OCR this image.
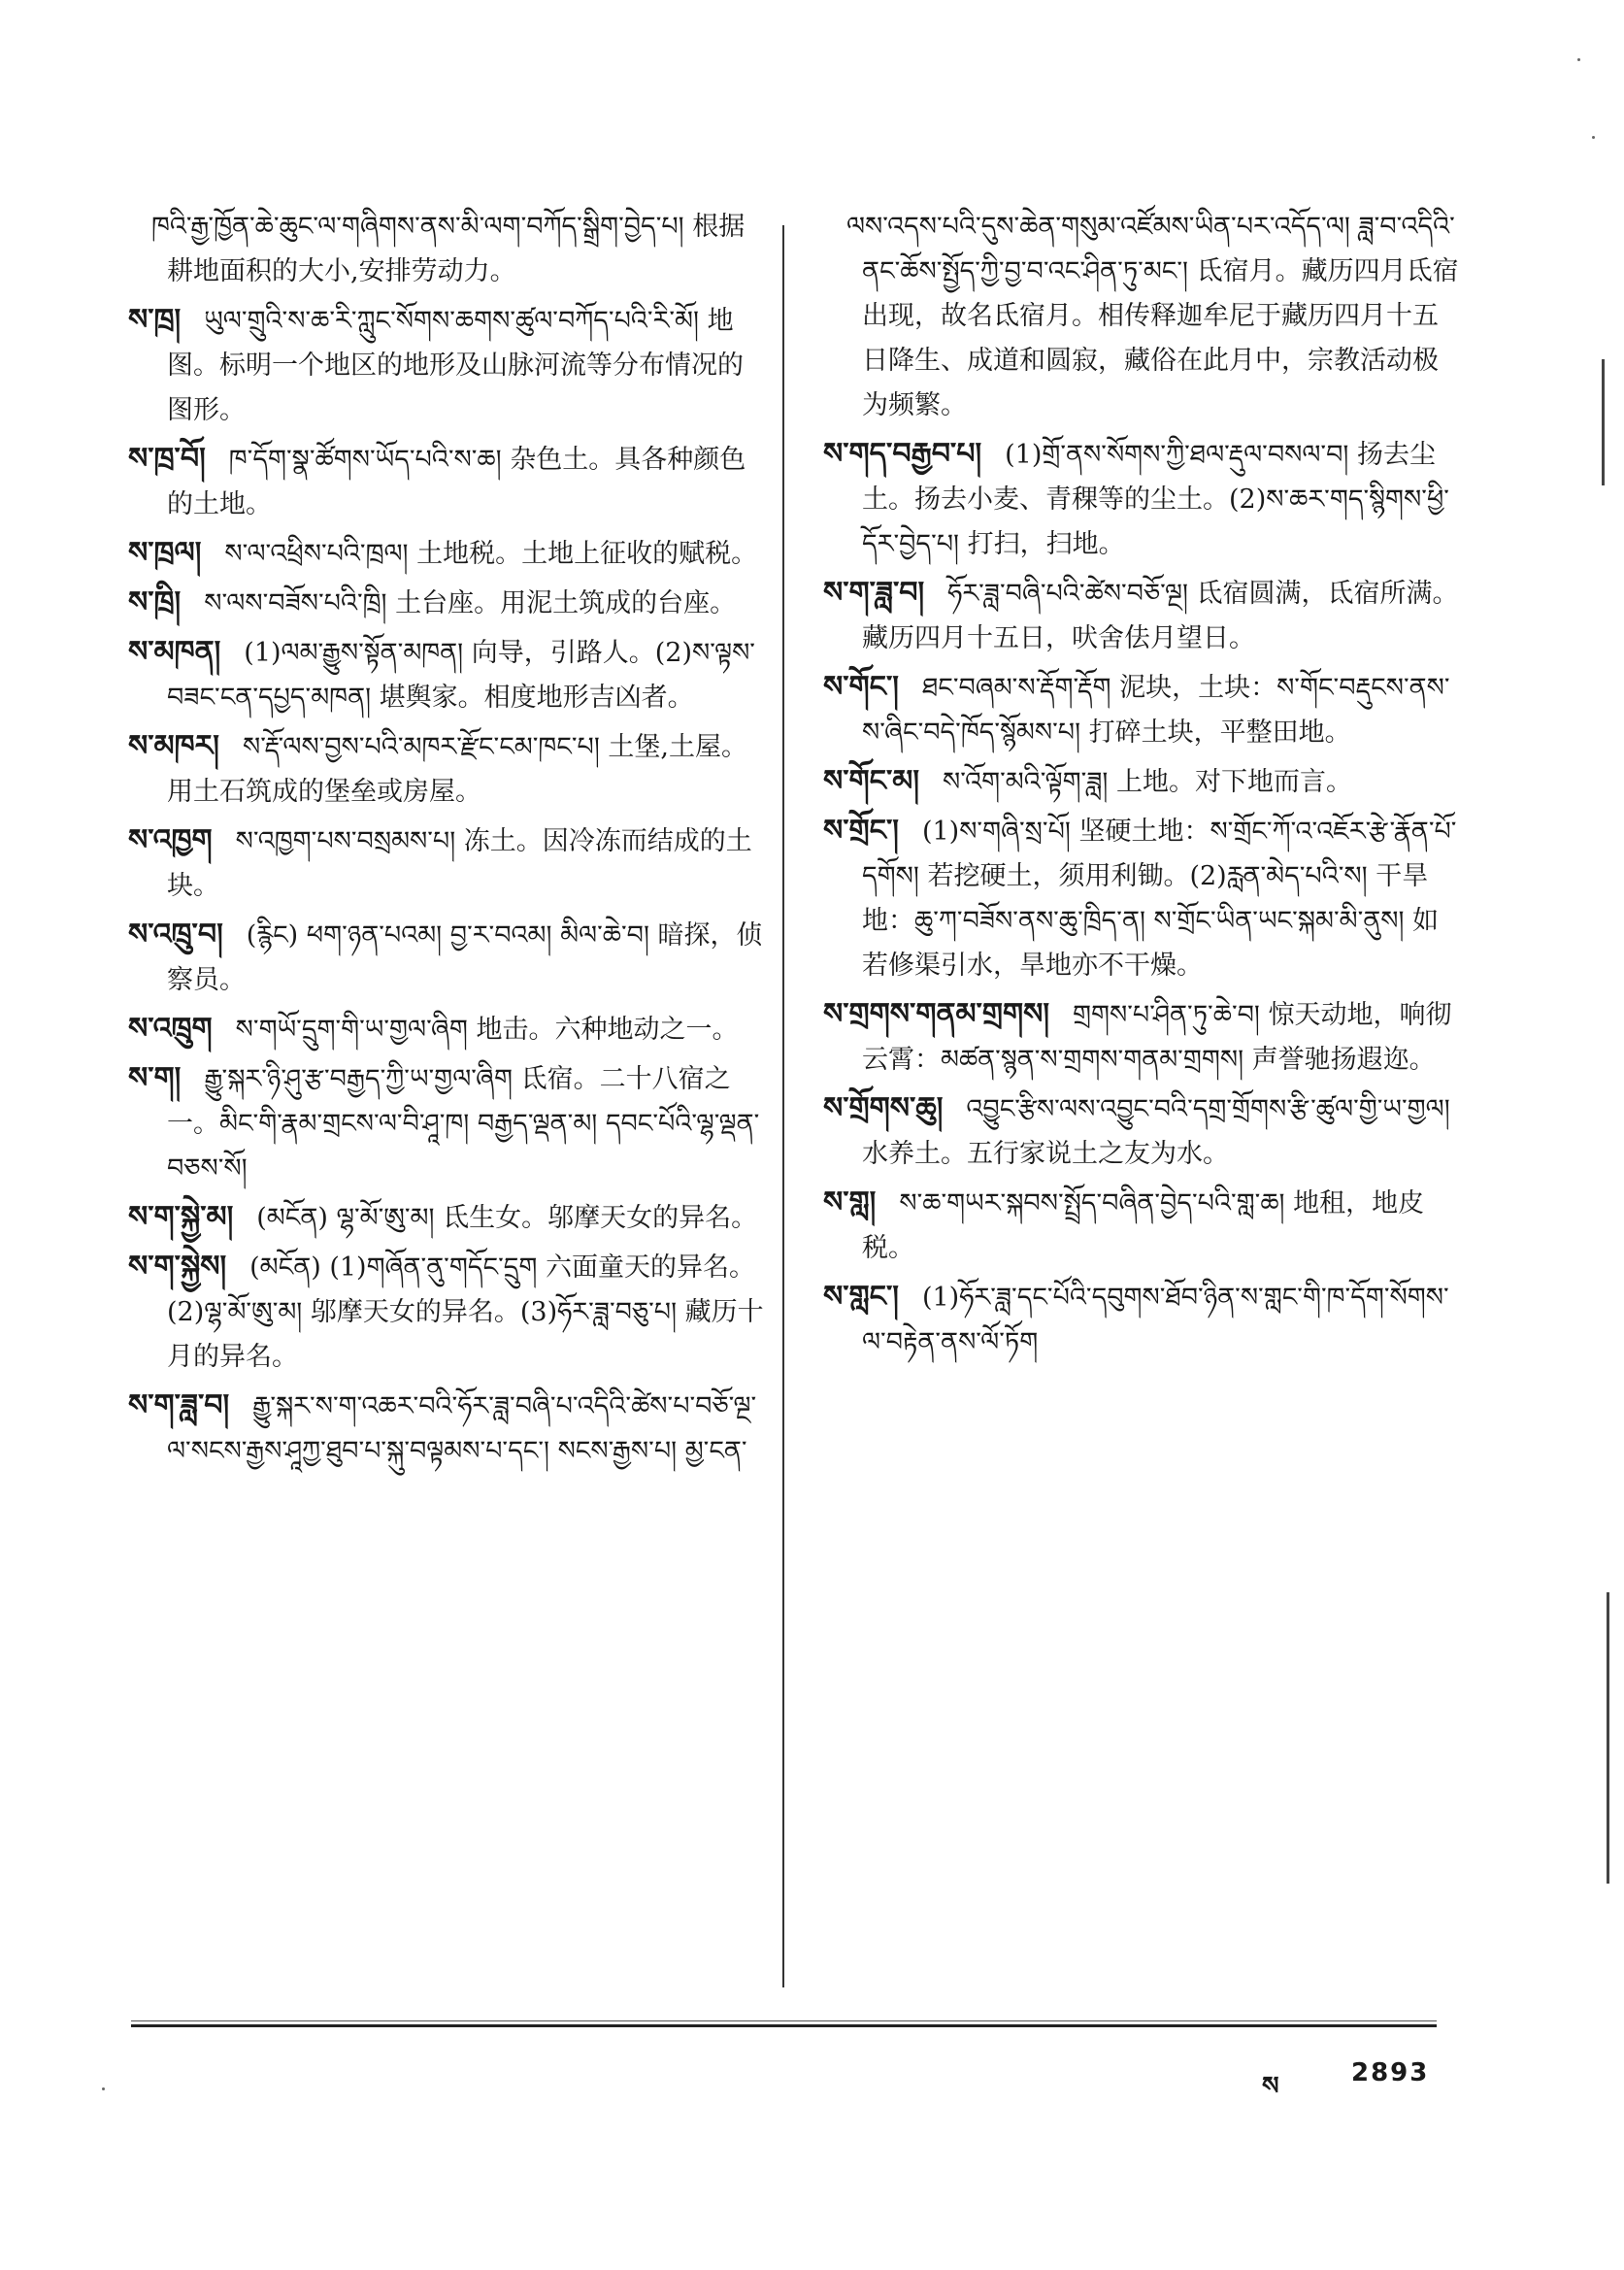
ཁའི་རྒྱ་ཁྱོན་ཆེ་ཆུང་ལ་གཞིགས་ནས་མི་ལག་བཀོད་སྒྲིག་བྱེད་པ། 根据耕地面积的大小,安排劳动力。

ས་ཁྲ། ཡུལ་གྲུའི་ས་ཆ་རི་ཀླུང་སོགས་ཆགས་ཚུལ་བཀོད་པའི་རི་མོ། 地图。标明一个地区的地形及山脉河流等分布情况的图形。

ས་ཁྲ་བོ། ཁ་དོག་སྣ་ཚོགས་ཡོད་པའི་ས་ཆ། 杂色土。具各种颜色的土地。

ས་ཁྲལ། ས་ལ་འཕྲིས་པའི་ཁྲལ། 土地税。土地上征收的赋税。

ས་ཁྲི། ས་ལས་བཟོས་པའི་ཁྲི། 土台座。用泥土筑成的台座。

ས་མཁན། (1)ལམ་རྒྱུས་སྟོན་མཁན། 向导，引路人。(2)ས་ལྟས་བཟང་ངན་དཔྱད་མཁན། 堪舆家。相度地形吉凶者。

ས་མཁར། ས་རྡོ་ལས་བྱས་པའི་མཁར་རྫོང་ངམ་ཁང་པ། 土堡,土屋。用土石筑成的堡垒或房屋。

ས་འཁྱག ས་འཁྱག་པས་བསྲམས་པ། 冻土。因冷冻而结成的土块。

ས་འཁྲུ་བ། (རྙིང) ཕག་ཉན་པའམ། བྱ་ར་བའམ། མིལ་ཆེ་བ། 暗探，侦察员。

ས་འཁྲུག ས་གཡོ་དྲུག་གི་ཡ་གྱལ་ཞིག 地击。六种地动之一。

ས་ག། རྒྱུ་སྐར་ཉི་ཤུ་རྩ་བརྒྱད་ཀྱི་ཡ་གྱལ་ཞིག 氐宿。二十八宿之一。མིང་གི་རྣམ་གྲངས་ལ་བི་ཤཱ་ཁ། བརྒྱད་ལྡན་མ། དབང་པོའི་ལྷ་ལྡན་བཅས་སོ།

ས་ག་སྐྱེ་མ། (མངོན) ལྷ་མོ་ཨུ་མ། 氐生女。邬摩天女的异名。

ས་ག་སྐྱེས། (མངོན) (1)གཞོན་ནུ་གདོང་དྲུག 六面童天的异名。(2)ལྷ་མོ་ཨུ་མ། 邬摩天女的异名。(3)ཧོར་ཟླ་བཅུ་པ། 藏历十月的异名。

ས་ག་ཟླ་བ། རྒྱུ་སྐར་ས་ག་འཆར་བའི་ཧོར་ཟླ་བཞི་པ་འདིའི་ཚེས་པ་བཅོ་ལྔ་ལ་སངས་རྒྱས་ཤཱཀྱ་ཐུབ་པ་སྐུ་བལྟམས་པ་དང་། སངས་རྒྱས་པ། མྱ་ངན་

ལས་འདས་པའི་དུས་ཆེན་གསུམ་འཛོམས་ཡིན་པར་འདོད་ལ། ཟླ་བ་འདིའི་ནང་ཆོས་སྤྱོད་ཀྱི་བྱ་བ་འང་ཤིན་ཏུ་མང་། 氐宿月。藏历四月氐宿出现，故名氐宿月。相传释迦牟尼于藏历四月十五日降生、成道和圆寂，藏俗在此月中，宗教活动极为频繁。

ས་གད་བརྒྱབ་པ། (1)གྲོ་ནས་སོགས་ཀྱི་ཐལ་རྡུལ་བསལ་བ། 扬去尘土。扬去小麦、青稞等的尘土。(2)ས་ཆར་གད་སྙིགས་ཕྱི་དོར་བྱེད་པ། 打扫，扫地。

ས་ག་ཟླ་བ། ཧོར་ཟླ་བཞི་པའི་ཚེས་བཅོ་ལྔ། 氐宿圆满，氐宿所满。藏历四月十五日，吠舍佉月望日。

ས་གོང་། ཐང་བཞམ་ས་རྡོག་རྡོག 泥块，土块：ས་གོང་བརྡུངས་ནས་ས་ཞིང་བདེ་ཁོད་སྙོམས་པ། 打碎土块，平整田地。

ས་གོང་མ། ས་འོག་མའི་ལྟོག་ཟླ། 上地。对下地而言。

ས་གྲོང་། (1)ས་གཞི་སྲ་པོ། 坚硬土地：ས་གྲོང་ཀོ་འ་འཇོར་རྩེ་རྣོན་པོ་དགོས། 若挖硬土，须用利锄。(2)རླན་མེད་པའི་ས། 干旱地：ཆུ་ཀ་བཟོས་ནས་ཆུ་ཁྲིད་ན། ས་གྲོང་ཡིན་ཡང་སྐམ་མི་ནུས། 如若修渠引水，旱地亦不干燥。

ས་གྲགས་གནམ་གྲགས། གྲགས་པ་ཤིན་ཏུ་ཆེ་བ། 惊天动地，响彻云霄：མཚན་སྙན་ས་གྲགས་གནམ་གྲགས། 声誉驰扬遐迩。

ས་གྲོགས་ཆུ། འབྱུང་རྩིས་ལས་འབྱུང་བའི་དགྲ་གྲོགས་རྩི་ཚུལ་གྱི་ཡ་གྱལ། 水养土。五行家说土之友为水。

ས་གླ། ས་ཆ་གཡར་སྐབས་སྤྲོད་བཞིན་བྱེད་པའི་གླ་ཆ། 地租，地皮税。

ས་གླང་། (1)ཧོར་ཟླ་དང་པོའི་དབུགས་ཐོབ་ཉིན་ས་གླང་གི་ཁ་དོག་སོགས་ལ་བརྟེན་ནས་ལོ་ཏོག

ས	2893
